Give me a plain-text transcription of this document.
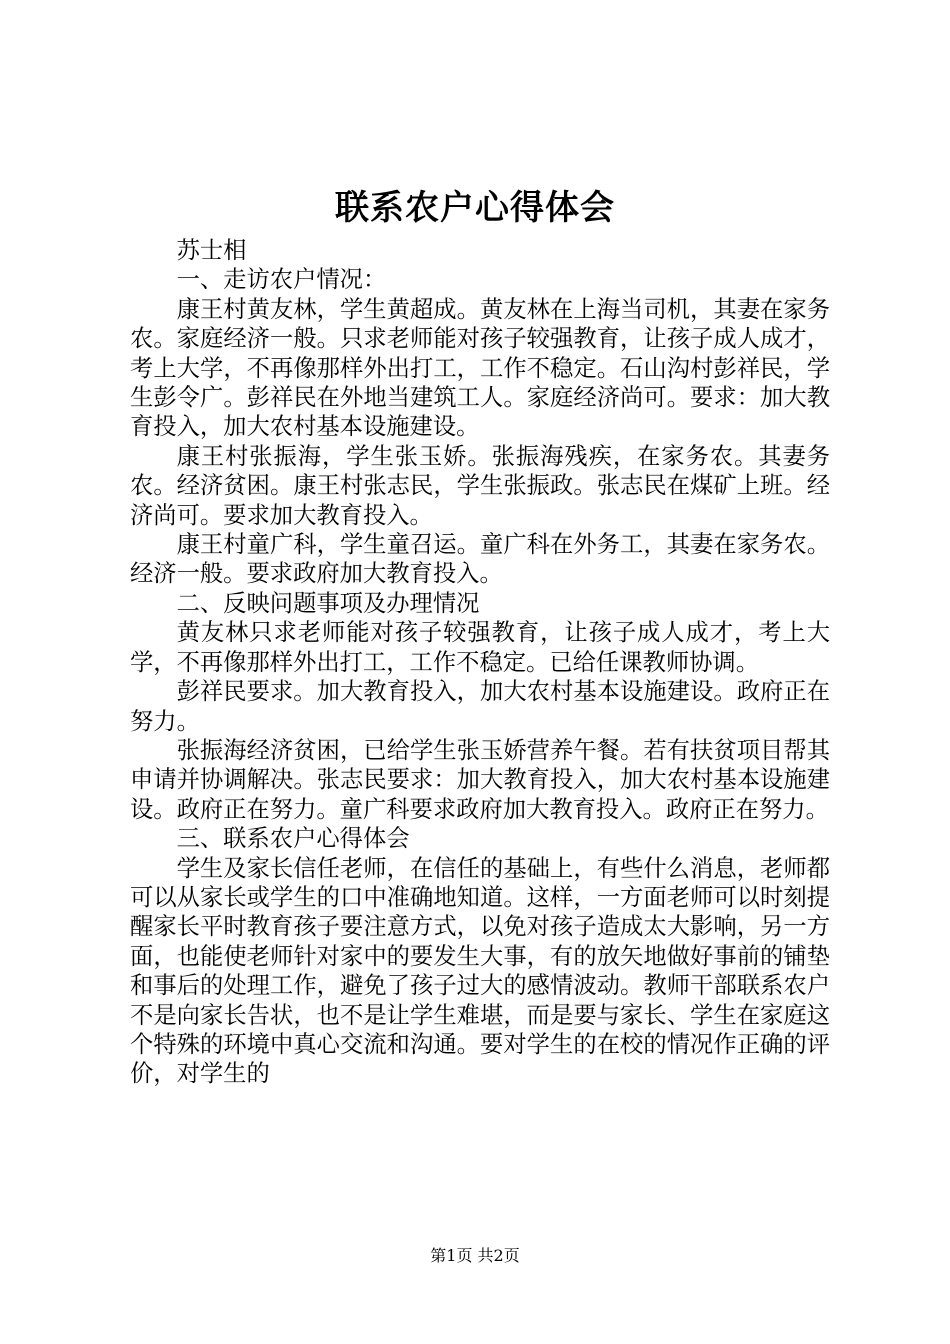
联系农户心得体会

苏士相

一、走访农户情况：

康王村黄友林，学生黄超成。黄友林在上海当司机，其妻在家务农。家庭经济一般。只求老师能对孩子较强教育，让孩子成人成才，考上大学，不再像那样外出打工，工作不稳定。石山沟村彭祥民，学生彭令广。彭祥民在外地当建筑工人。家庭经济尚可。要求：加大教育投入，加大农村基本设施建设。

康王村张振海，学生张玉娇。张振海残疾，在家务农。其妻务农。经济贫困。康王村张志民，学生张振政。张志民在煤矿上班。经济尚可。要求加大教育投入。

康王村童广科，学生童召运。童广科在外务工，其妻在家务农。经济一般。要求政府加大教育投入。

二、反映问题事项及办理情况

黄友林只求老师能对孩子较强教育，让孩子成人成才，考上大学，不再像那样外出打工，工作不稳定。已给任课教师协调。

彭祥民要求。加大教育投入，加大农村基本设施建设。政府正在努力。

张振海经济贫困，已给学生张玉娇营养午餐。若有扶贫项目帮其申请并协调解决。张志民要求：加大教育投入，加大农村基本设施建设。政府正在努力。童广科要求政府加大教育投入。政府正在努力。

三、联系农户心得体会

学生及家长信任老师，在信任的基础上，有些什么消息，老师都可以从家长或学生的口中准确地知道。这样，一方面老师可以时刻提醒家长平时教育孩子要注意方式，以免对孩子造成太大影响，另一方面，也能使老师针对家中的要发生大事，有的放矢地做好事前的铺垫和事后的处理工作，避免了孩子过大的感情波动。教师干部联系农户不是向家长告状，也不是让学生难堪，而是要与家长、学生在家庭这个特殊的环境中真心交流和沟通。要对学生的在校的情况作正确的评价，对学生的

第1页 共2页
